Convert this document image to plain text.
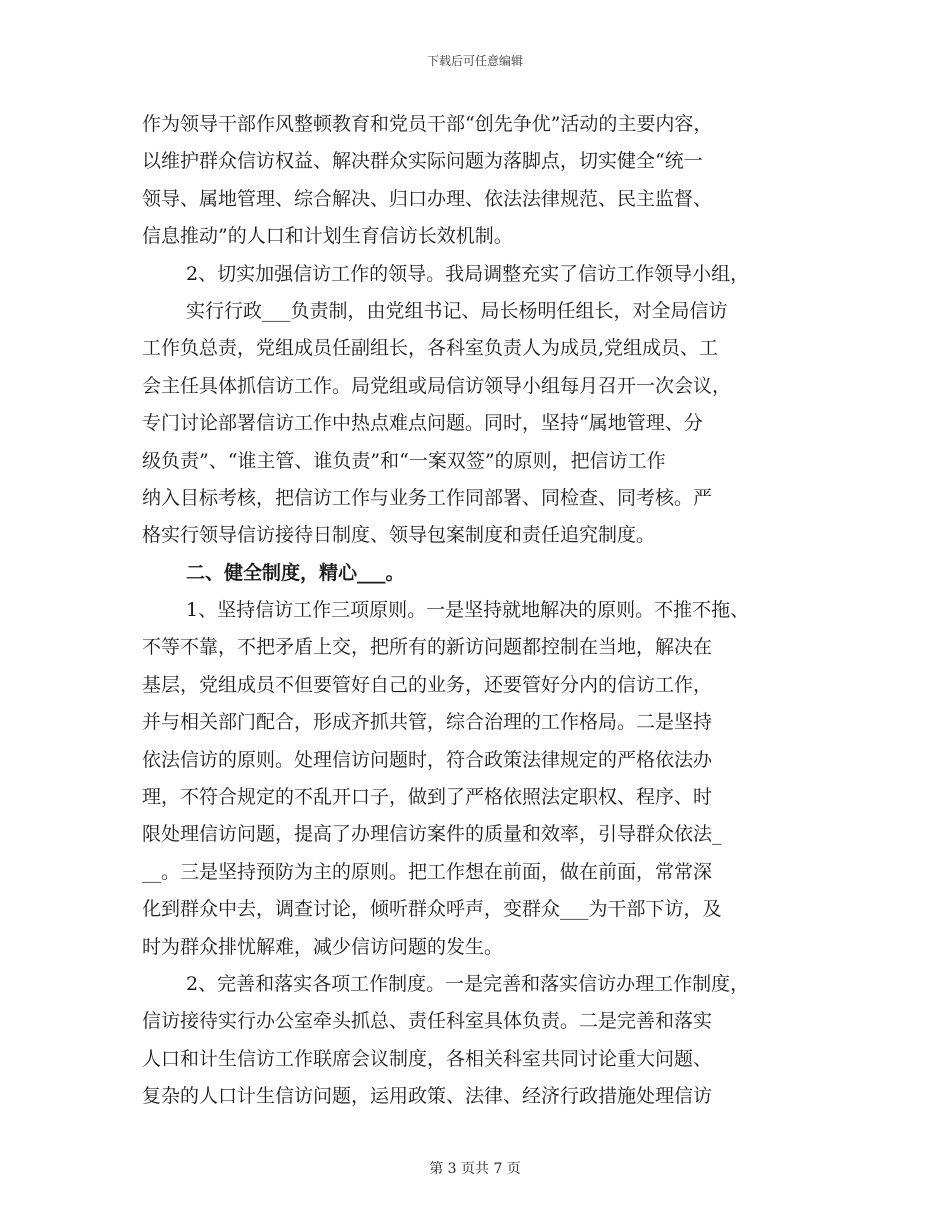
下载后可任意编辑
作为领导干部作风整顿教育和党员干部“创先争优”活动的主要内容，
以维护群众信访权益、解决群众实际问题为落脚点，切实健全“统一
领导、属地管理、综合解决、归口办理、依法法律规范、民主监督、
信息推动”的人口和计划生育信访长效机制。
2、切实加强信访工作的领导。我局调整充实了信访工作领导小组，
实行行政___负责制，由党组书记、局长杨明任组长，对全局信访
工作负总责，党组成员任副组长，各科室负责人为成员,党组成员、工
会主任具体抓信访工作。局党组或局信访领导小组每月召开一次会议，
专门讨论部署信访工作中热点难点问题。同时，坚持“属地管理、分
级负责”、“谁主管、谁负责”和“一案双签”的原则，把信访工作
纳入目标考核，把信访工作与业务工作同部署、同检查、同考核。严
格实行领导信访接待日制度、领导包案制度和责任追究制度。
二、健全制度，精心___。
1、坚持信访工作三项原则。一是坚持就地解决的原则。不推不拖、
不等不靠，不把矛盾上交，把所有的新访问题都控制在当地，解决在
基层，党组成员不但要管好自己的业务，还要管好分内的信访工作，
并与相关部门配合，形成齐抓共管，综合治理的工作格局。二是坚持
依法信访的原则。处理信访问题时，符合政策法律规定的严格依法办
理，不符合规定的不乱开口子，做到了严格依照法定职权、程序、时
限处理信访问题，提高了办理信访案件的质量和效率，引导群众依法_
__。三是坚持预防为主的原则。把工作想在前面，做在前面，常常深
化到群众中去，调查讨论，倾听群众呼声，变群众___为干部下访，及
时为群众排忧解难，减少信访问题的发生。
2、完善和落实各项工作制度。一是完善和落实信访办理工作制度，
信访接待实行办公室牵头抓总、责任科室具体负责。二是完善和落实
人口和计生信访工作联席会议制度，各相关科室共同讨论重大问题、
复杂的人口计生信访问题，运用政策、法律、经济行政措施处理信访
第 3 页共 7 页
